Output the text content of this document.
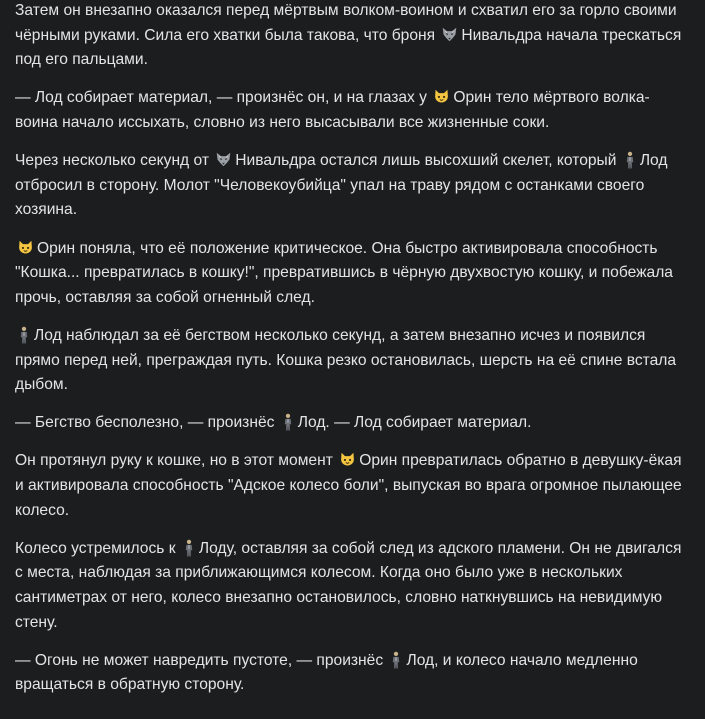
Затем он внезапно оказался перед мёртвым волком-воином и схватил его за горло своими чёрными руками. Сила его хватки была такова, что броня
Нивальдра начала трескаться под его пальцами.

— Лод собирает материал, — произнёс он, и на глазах у
Орин тело мёртвого волка-воина начало иссыхать, словно из него высасывали все жизненные соки.

Через несколько секунд от
Нивальдра остался лишь высохший скелет, который
Лод отбросил в сторону. Молот "Человекоубийца" упал на траву рядом с останками своего хозяина.

Орин поняла, что её положение критическое. Она быстро активировала способность "Кошка... превратилась в кошку!", превратившись в чёрную двухвостую кошку, и побежала прочь, оставляя за собой огненный след.

Лод наблюдал за её бегством несколько секунд, а затем внезапно исчез и появился прямо перед ней, преграждая путь. Кошка резко остановилась, шерсть на её спине встала дыбом.

— Бегство бесполезно, — произнёс
Лод. — Лод собирает материал.

Он протянул руку к кошке, но в этот момент
Орин превратилась обратно в девушку-ёкая и активировала способность "Адское колесо боли", выпуская во врага огромное пылающее колесо.

Колесо устремилось к
Лоду, оставляя за собой след из адского пламени. Он не двигался с места, наблюдая за приближающимся колесом. Когда оно было уже в нескольких сантиметрах от него, колесо внезапно остановилось, словно наткнувшись на невидимую стену.

— Огонь не может навредить пустоте, — произнёс
Лод, и колесо начало медленно вращаться в обратную сторону.
